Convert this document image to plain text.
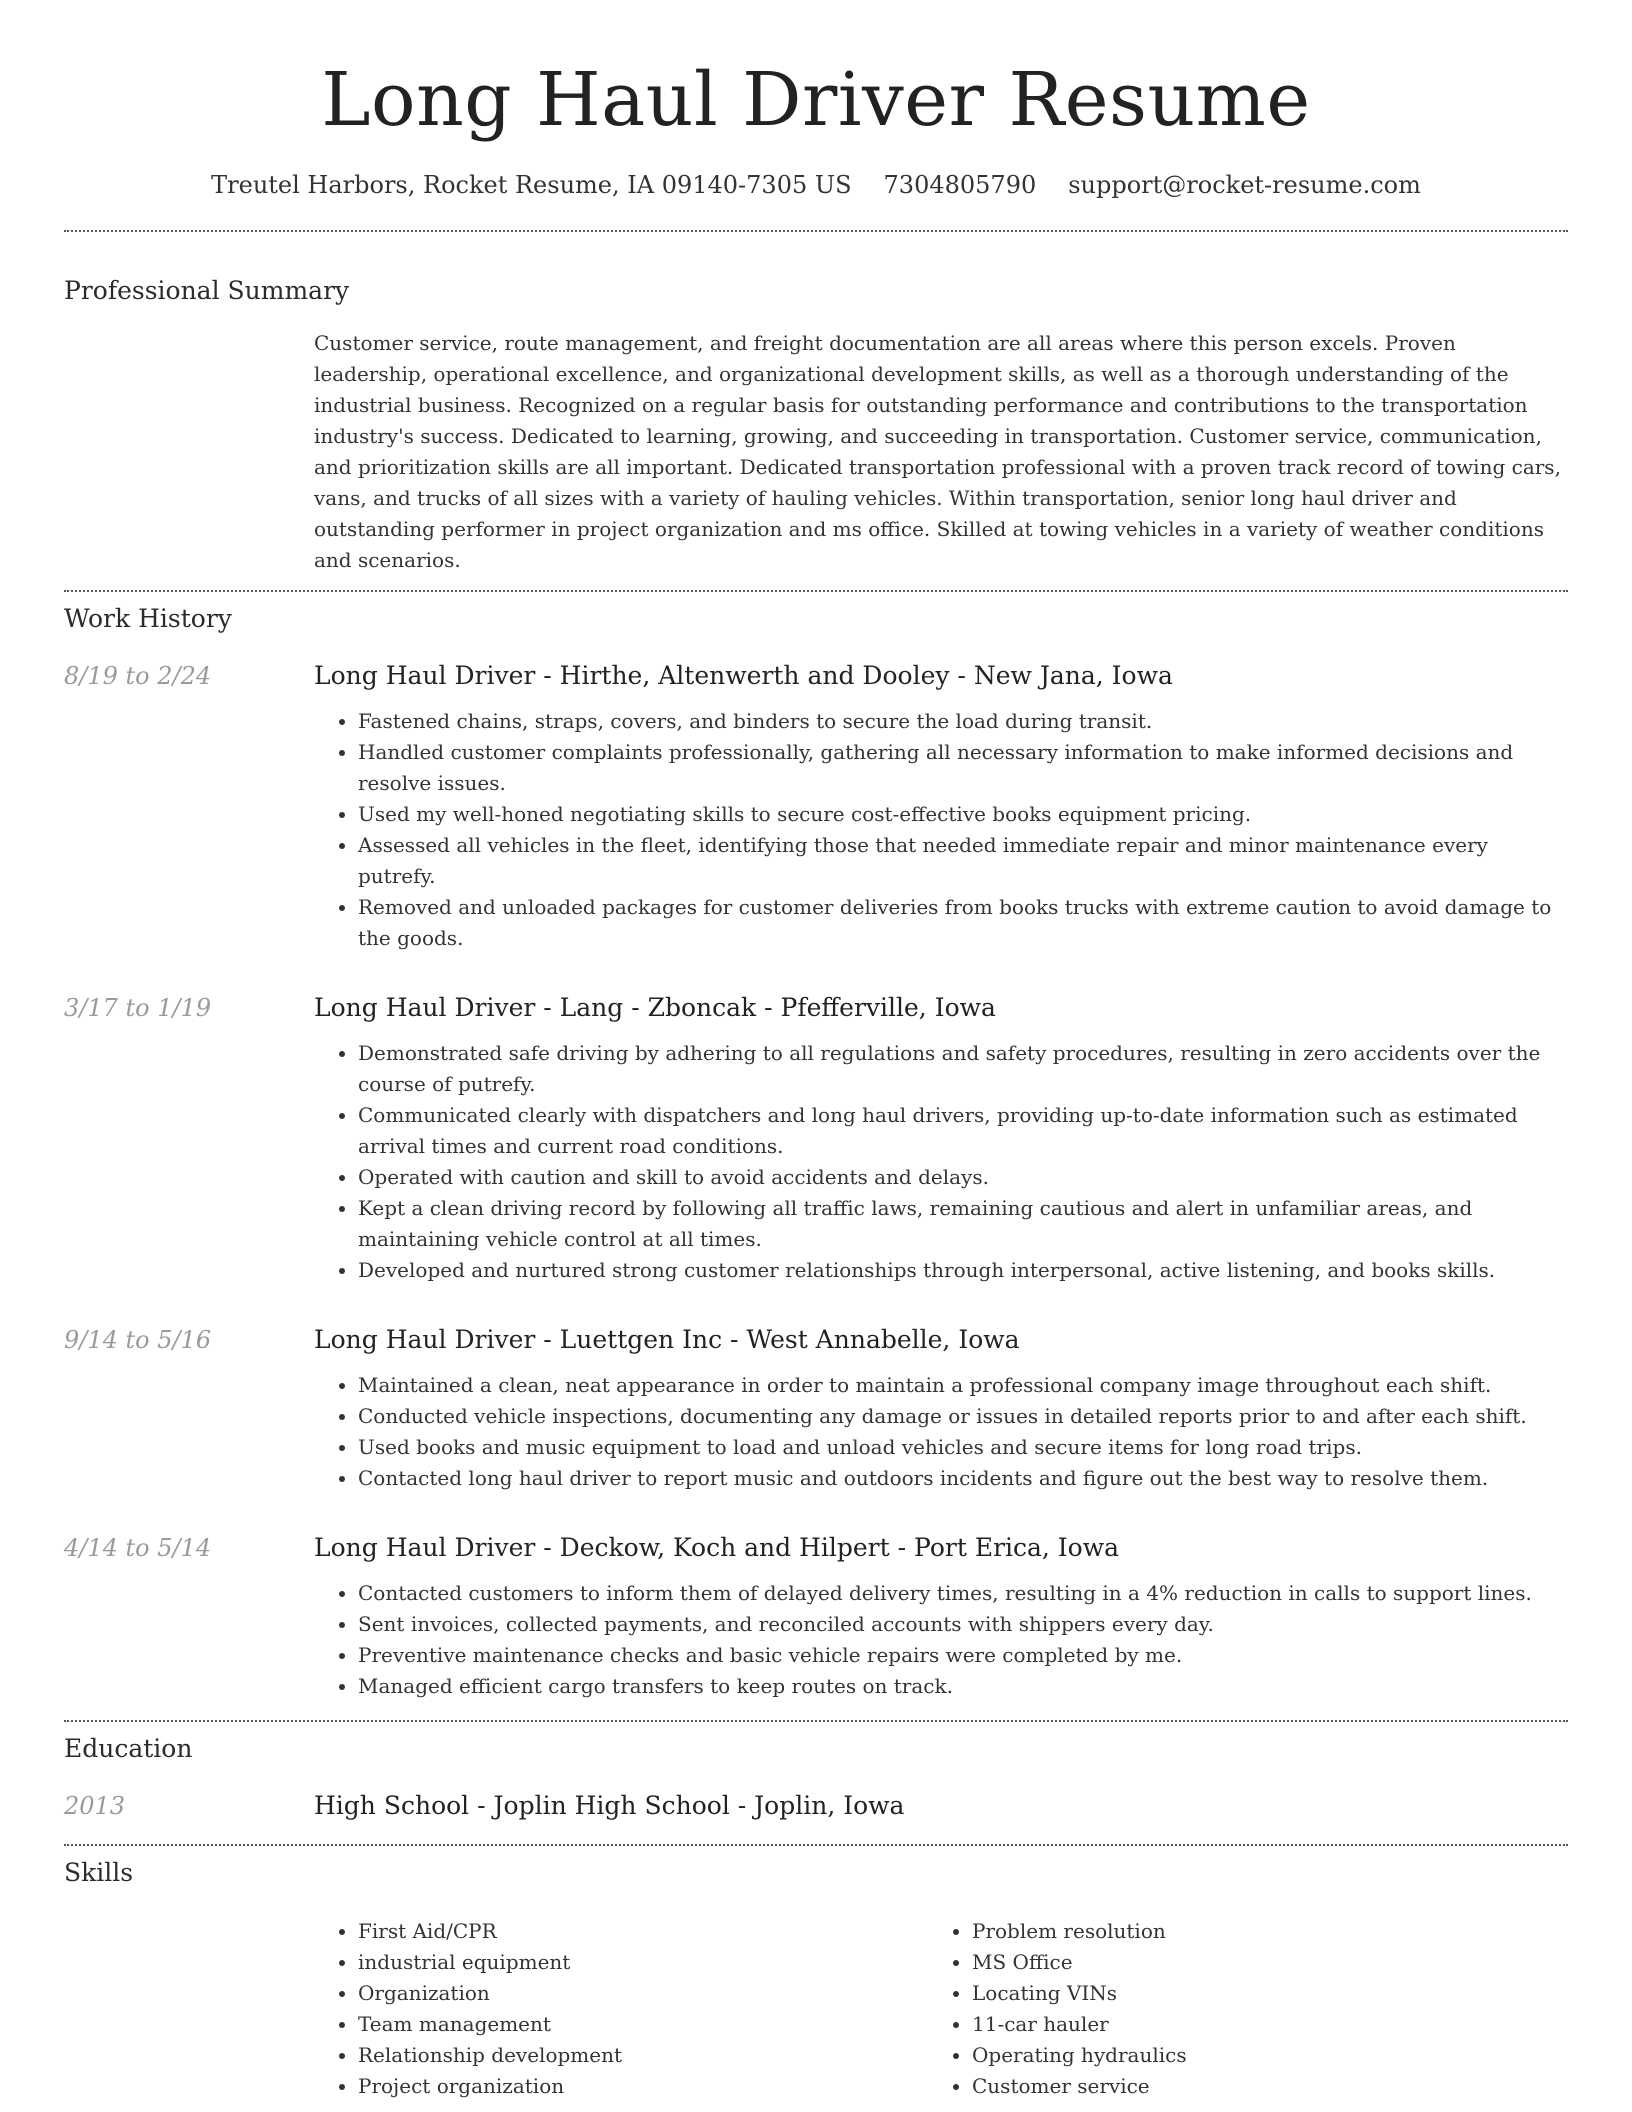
Long Haul Driver Resume
Treutel Harbors, Rocket Resume, IA 09140-7305 US 7304805790 support@rocket-resume.com
Professional Summary

Customer service, route management, and freight documentation are all areas where this person excels. Proven leadership, operational excellence, and organizational development skills, as well as a thorough understanding of the industrial business. Recognized on a regular basis for outstanding performance and contributions to the transportation industry's success. Dedicated to learning, growing, and succeeding in transportation. Customer service, communication, and prioritization skills are all important. Dedicated transportation professional with a proven track record of towing cars, vans, and trucks of all sizes with a variety of hauling vehicles. Within transportation, senior long haul driver and outstanding performer in project organization and ms office. Skilled at towing vehicles in a variety of weather conditions and scenarios.

Work History
8/19 to 2/24	Long Haul Driver - Hirthe, Altenwerth and Dooley - New Jana, Iowa
• Fastened chains, straps, covers, and binders to secure the load during transit.
• Handled customer complaints professionally, gathering all necessary information to make informed decisions and resolve issues.
• Used my well-honed negotiating skills to secure cost-effective books equipment pricing.
• Assessed all vehicles in the fleet, identifying those that needed immediate repair and minor maintenance every putrefy.
• Removed and unloaded packages for customer deliveries from books trucks with extreme caution to avoid damage to the goods.
3/17 to 1/19	Long Haul Driver - Lang - Zboncak - Pfefferville, Iowa
• Demonstrated safe driving by adhering to all regulations and safety procedures, resulting in zero accidents over the course of putrefy.
• Communicated clearly with dispatchers and long haul drivers, providing up-to-date information such as estimated arrival times and current road conditions.
• Operated with caution and skill to avoid accidents and delays.
• Kept a clean driving record by following all traffic laws, remaining cautious and alert in unfamiliar areas, and maintaining vehicle control at all times.
• Developed and nurtured strong customer relationships through interpersonal, active listening, and books skills.
9/14 to 5/16	Long Haul Driver - Luettgen Inc - West Annabelle, Iowa
• Maintained a clean, neat appearance in order to maintain a professional company image throughout each shift.
• Conducted vehicle inspections, documenting any damage or issues in detailed reports prior to and after each shift.
• Used books and music equipment to load and unload vehicles and secure items for long road trips.
• Contacted long haul driver to report music and outdoors incidents and figure out the best way to resolve them.
4/14 to 5/14	Long Haul Driver - Deckow, Koch and Hilpert - Port Erica, Iowa
• Contacted customers to inform them of delayed delivery times, resulting in a 4% reduction in calls to support lines.
• Sent invoices, collected payments, and reconciled accounts with shippers every day.
• Preventive maintenance checks and basic vehicle repairs were completed by me.
• Managed efficient cargo transfers to keep routes on track.
Education
2013	High School - Joplin High School - Joplin, Iowa
Skills
• First Aid/CPR
• industrial equipment
• Organization
• Team management
• Relationship development
• Project organization
• Problem resolution
• MS Office
• Locating VINs
• 11-car hauler
• Operating hydraulics
• Customer service
